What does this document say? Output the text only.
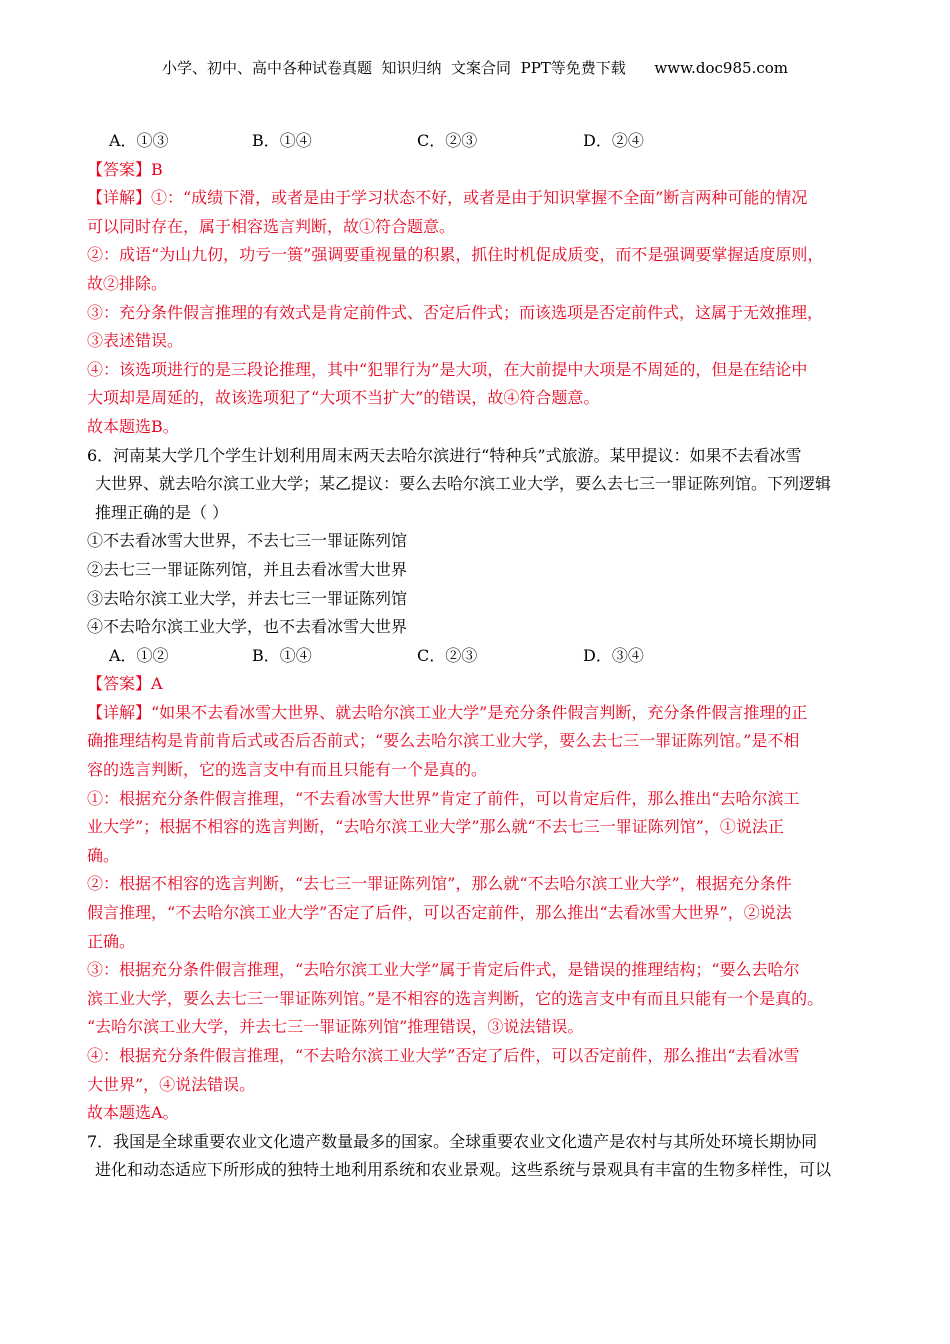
小学、初中、高中各种试卷真题  知识归纳  文案合同  PPT等免费下载      www.doc985.com
A．①③	B．①④	C．②③	D．②④
【答案】B
【详解】①：“成绩下滑，或者是由于学习状态不好，或者是由于知识掌握不全面”断言两种可能的情况
可以同时存在，属于相容选言判断，故①符合题意。
②：成语“为山九仞，功亏一篑”强调要重视量的积累，抓住时机促成质变，而不是强调要掌握适度原则，
故②排除。
③：充分条件假言推理的有效式是肯定前件式、否定后件式；而该选项是否定前件式，这属于无效推理，
③表述错误。
④：该选项进行的是三段论推理，其中“犯罪行为”是大项，在大前提中大项是不周延的，但是在结论中
大项却是周延的，故该选项犯了“大项不当扩大”的错误，故④符合题意。
故本题选B。
6．河南某大学几个学生计划利用周末两天去哈尔滨进行“特种兵”式旅游。某甲提议：如果不去看冰雪
大世界、就去哈尔滨工业大学；某乙提议：要么去哈尔滨工业大学，要么去七三一罪证陈列馆。下列逻辑
推理正确的是（ ）
①不去看冰雪大世界，不去七三一罪证陈列馆
②去七三一罪证陈列馆，并且去看冰雪大世界
③去哈尔滨工业大学，并去七三一罪证陈列馆
④不去哈尔滨工业大学，也不去看冰雪大世界
A．①②	B．①④	C．②③	D．③④
【答案】A
【详解】“如果不去看冰雪大世界、就去哈尔滨工业大学”是充分条件假言判断，充分条件假言推理的正
确推理结构是肯前肯后式或否后否前式；“要么去哈尔滨工业大学，要么去七三一罪证陈列馆。”是不相
容的选言判断，它的选言支中有而且只能有一个是真的。
①：根据充分条件假言推理，“不去看冰雪大世界”肯定了前件，可以肯定后件，那么推出“去哈尔滨工
业大学”；根据不相容的选言判断，“去哈尔滨工业大学”那么就“不去七三一罪证陈列馆”，①说法正
确。
②：根据不相容的选言判断，“去七三一罪证陈列馆”，那么就“不去哈尔滨工业大学”，根据充分条件
假言推理，“不去哈尔滨工业大学”否定了后件，可以否定前件，那么推出“去看冰雪大世界”，②说法
正确。
③：根据充分条件假言推理，“去哈尔滨工业大学”属于肯定后件式，是错误的推理结构；“要么去哈尔
滨工业大学，要么去七三一罪证陈列馆。”是不相容的选言判断，它的选言支中有而且只能有一个是真的。
“去哈尔滨工业大学，并去七三一罪证陈列馆”推理错误，③说法错误。
④：根据充分条件假言推理，“不去哈尔滨工业大学”否定了后件，可以否定前件，那么推出“去看冰雪
大世界”，④说法错误。
故本题选A。
7．我国是全球重要农业文化遗产数量最多的国家。全球重要农业文化遗产是农村与其所处环境长期协同
进化和动态适应下所形成的独特土地利用系统和农业景观。这些系统与景观具有丰富的生物多样性，可以
